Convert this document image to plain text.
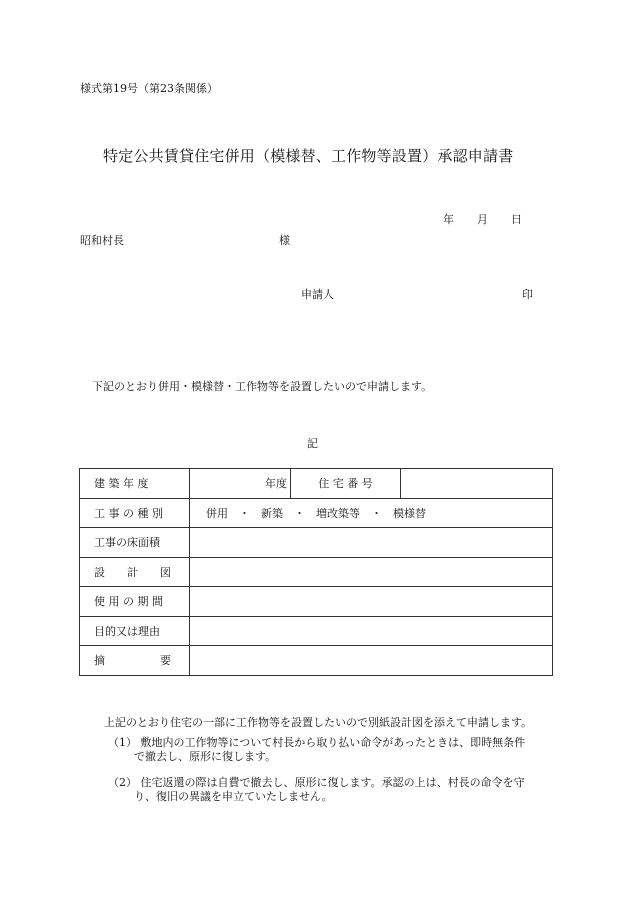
様式第19号（第23条関係）
特定公共賃貸住宅併用（模様替、工作物等設置）承認申請書
年 月 日
昭和村長	様
申請人	印
下記のとおり併用・模様替・工作物等を設置したいので申請します。
記
建 築 年 度	年度	住 宅 番 号	
工 事 の 種 別	併用 ・ 新築 ・ 増改築等 ・ 模様替		
工事の床面積			
設　　計　　図			
使 用 の 期 間			
目的又は理由			
摘　　　　　要			
上記のとおり住宅の一部に工作物等を設置したいので別紙設計図を添えて申請します。
（1） 敷地内の工作物等について村長から取り払い命令があったときは、即時無条件
で撤去し、原形に復します。
（2） 住宅返還の際は自費で撤去し、原形に復します。承認の上は、村長の命令を守
り、復旧の異議を申立ていたしません。
